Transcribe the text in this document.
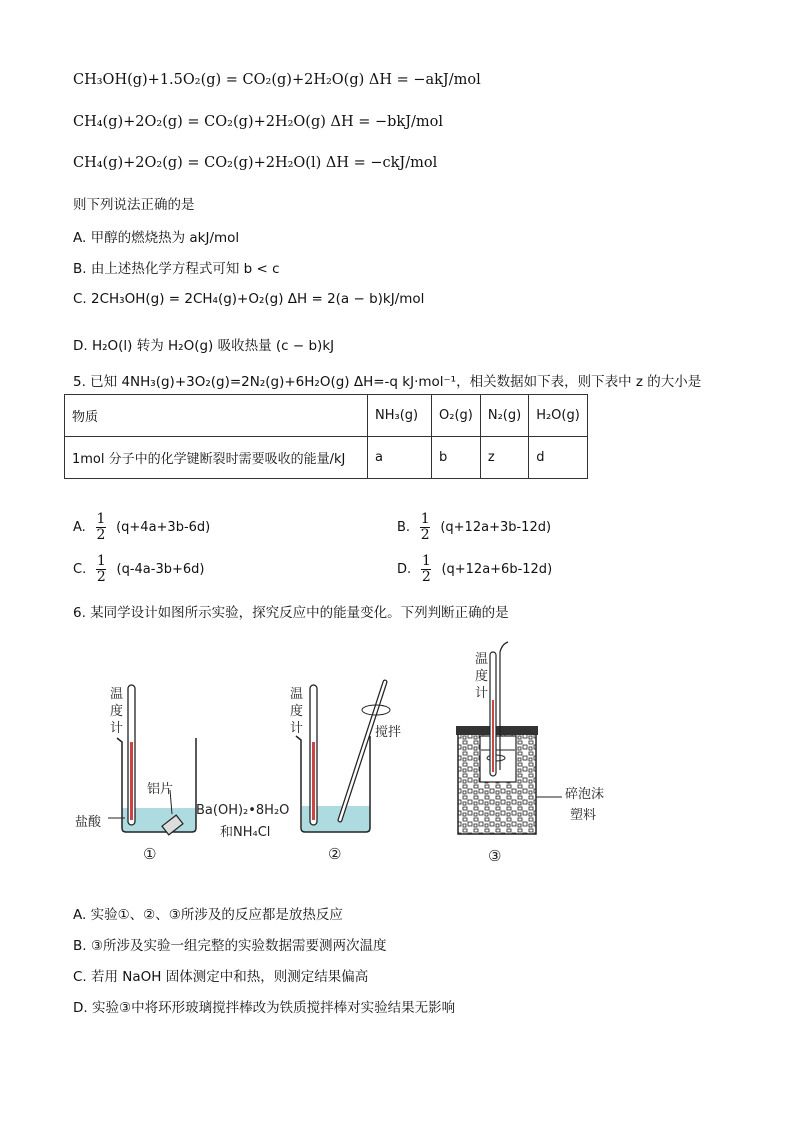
CH₃OH(g)+1.5O₂(g) = CO₂(g)+2H₂O(g) ΔH = −akJ/mol
CH₄(g)+2O₂(g) = CO₂(g)+2H₂O(g) ΔH = −bkJ/mol
CH₄(g)+2O₂(g) = CO₂(g)+2H₂O(l) ΔH = −ckJ/mol
则下列说法正确的是
A. 甲醇的燃烧热为 akJ/mol
B. 由上述热化学方程式可知 b < c
C. 2CH₃OH(g) = 2CH₄(g)+O₂(g) ΔH = 2(a − b)kJ/mol
D. H₂O(l) 转为 H₂O(g) 吸收热量 (c − b)kJ
5. 已知 4NH₃(g)+3O₂(g)=2N₂(g)+6H₂O(g) ΔH=-q kJ·mol⁻¹，相关数据如下表，则下表中 z 的大小是
物质	NH₃(g)	O₂(g)	N₂(g)	H₂O(g)
1mol 分子中的化学键断裂时需要吸收的能量/kJ	a	b	z	d
A. $\frac{1}{2} (q+4a+3b-6d)$	B. $\frac{1}{2} (q+12a+3b-12d)$
C. $\frac{1}{2} (q-4a-3b+6d)$	D. $\frac{1}{2} (q+12a+6b-12d)$
6. 某同学设计如图所示实验，探究反应中的能量变化。下列判断正确的是
温 度 计
铝片
盐酸
①
温 度 计	搅拌
Ba(OH)₂•8H₂O
和NH₄Cl
②
温 度 计
碎泡沫
塑料
③
A. 实验①、②、③所涉及的反应都是放热反应
B. ③所涉及实验一组完整的实验数据需要测两次温度
C. 若用 NaOH 固体测定中和热，则测定结果偏高
D. 实验③中将环形玻璃搅拌棒改为铁质搅拌棒对实验结果无影响
